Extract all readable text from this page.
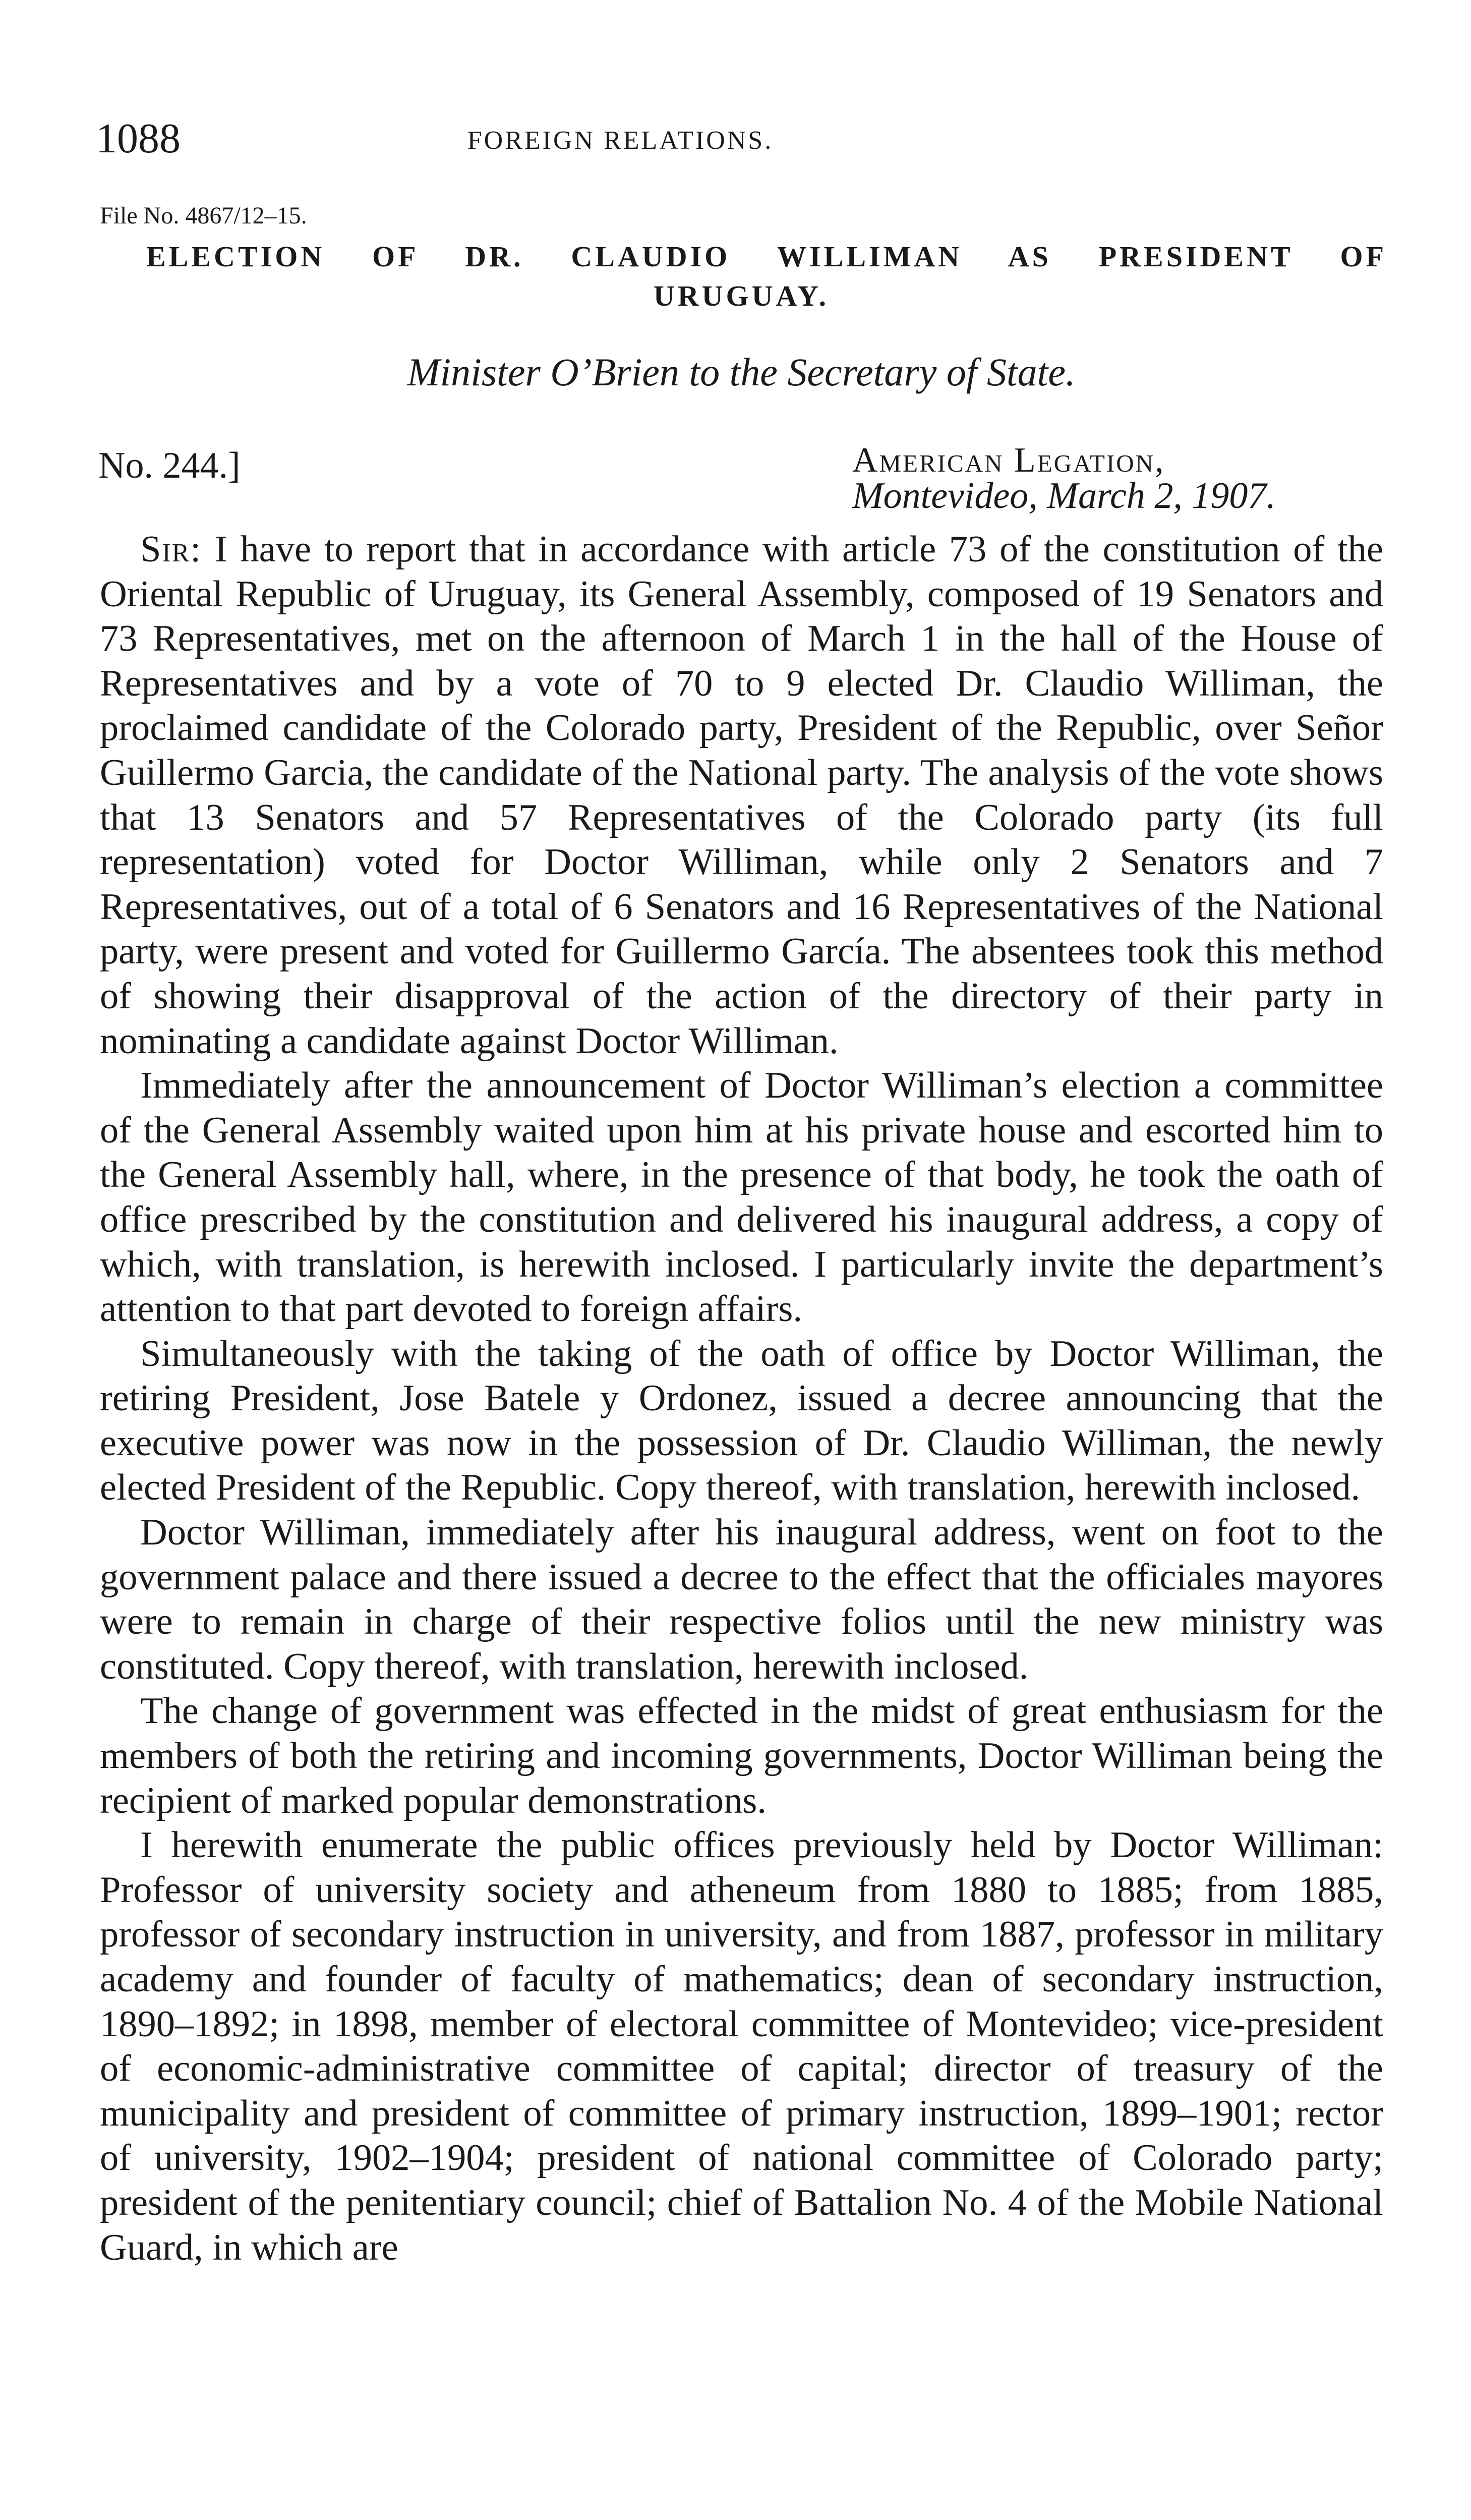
1088	FOREIGN RELATIONS.
File No. 4867/12–15.
ELECTION OF DR. CLAUDIO WILLIMAN AS PRESIDENT OF
URUGUAY.
Minister O’Brien to the Secretary of State.
No. 244.]	American Legation,
Montevideo, March 2, 1907.

Sir: I have to report that in accordance with article 73 of the constitution of the Oriental Republic of Uruguay, its General Assembly, composed of 19 Senators and 73 Representatives, met on the afternoon of March 1 in the hall of the House of Representatives and by a vote of 70 to 9 elected Dr. Claudio Williman, the proclaimed candidate of the Colorado party, President of the Republic, over Señor Guillermo Garcia, the candidate of the National party. The analysis of the vote shows that 13 Senators and 57 Representatives of the Colorado party (its full representation) voted for Doctor Williman, while only 2 Senators and 7 Representatives, out of a total of 6 Senators and 16 Representatives of the National party, were present and voted for Guillermo García. The absentees took this method of showing their disapproval of the action of the directory of their party in nominating a candidate against Doctor Williman.

Immediately after the announcement of Doctor Williman’s election a committee of the General Assembly waited upon him at his private house and escorted him to the General Assembly hall, where, in the presence of that body, he took the oath of office prescribed by the constitution and delivered his inaugural address, a copy of which, with translation, is herewith inclosed. I particularly invite the department’s attention to that part devoted to foreign affairs.

Simultaneously with the taking of the oath of office by Doctor Williman, the retiring President, Jose Batele y Ordonez, issued a decree announcing that the executive power was now in the possession of Dr. Claudio Williman, the newly elected President of the Republic. Copy thereof, with translation, herewith inclosed.

Doctor Williman, immediately after his inaugural address, went on foot to the government palace and there issued a decree to the effect that the officiales mayores were to remain in charge of their respective folios until the new ministry was constituted. Copy thereof, with translation, herewith inclosed.

The change of government was effected in the midst of great enthusiasm for the members of both the retiring and incoming governments, Doctor Williman being the recipient of marked popular demonstrations.

I herewith enumerate the public offices previously held by Doctor Williman: Professor of university society and atheneum from 1880 to 1885; from 1885, professor of secondary instruction in university, and from 1887, professor in military academy and founder of faculty of mathematics; dean of secondary instruction, 1890–1892; in 1898, member of electoral committee of Montevideo; vice-president of economic-administrative committee of capital; director of treasury of the municipality and president of committee of primary instruction, 1899–1901; rector of university, 1902–1904; president of national committee of Colorado party; president of the penitentiary council; chief of Battalion No. 4 of the Mobile National Guard, in which are
